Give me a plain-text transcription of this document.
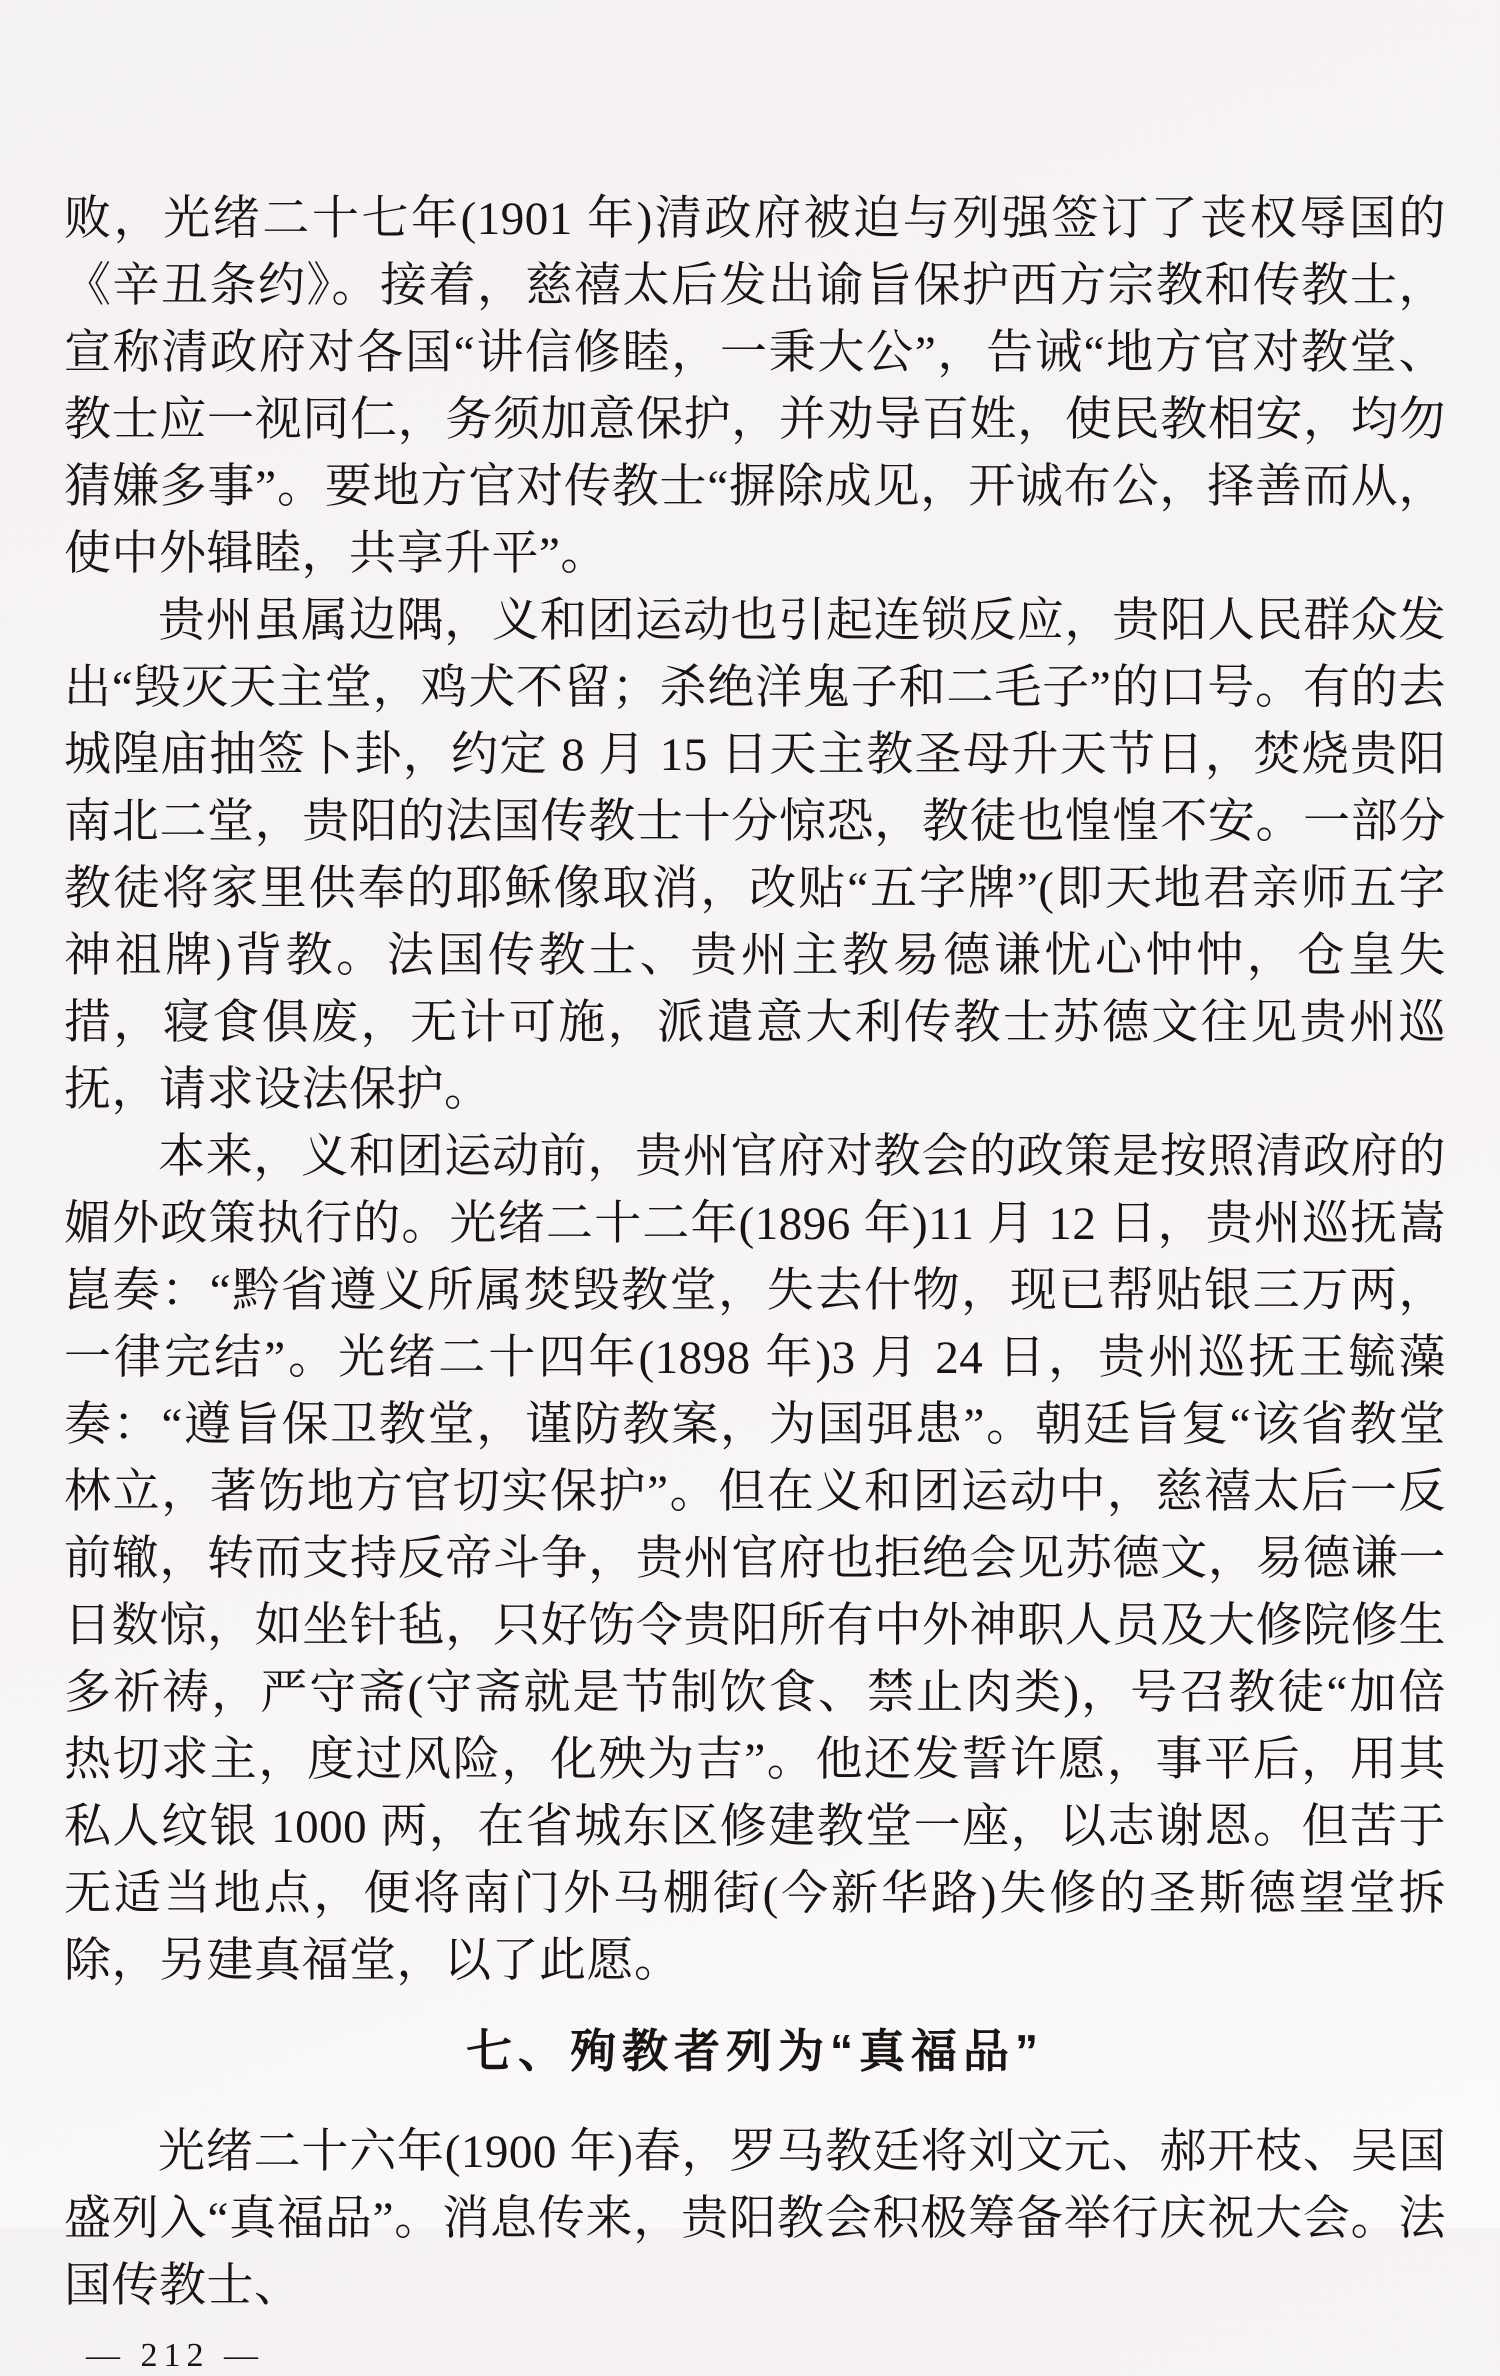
败，光绪二十七年(1901 年)清政府被迫与列强签订了丧权辱国的《辛丑条约》。接着，慈禧太后发出谕旨保护西方宗教和传教士，宣称清政府对各国“讲信修睦，一秉大公”，告诫“地方官对教堂、教士应一视同仁，务须加意保护，并劝导百姓，使民教相安，均勿猜嫌多事”。要地方官对传教士“摒除成见，开诚布公，择善而从，使中外辑睦，共享升平”。

贵州虽属边隅，义和团运动也引起连锁反应，贵阳人民群众发出“毁灭天主堂，鸡犬不留；杀绝洋鬼子和二毛子”的口号。有的去城隍庙抽签卜卦，约定 8 月 15 日天主教圣母升天节日，焚烧贵阳南北二堂，贵阳的法国传教士十分惊恐，教徒也惶惶不安。一部分教徒将家里供奉的耶稣像取消，改贴“五字牌”(即天地君亲师五字神祖牌)背教。法国传教士、贵州主教易德谦忧心忡忡，仓皇失措，寝食俱废，无计可施，派遣意大利传教士苏德文往见贵州巡抚，请求设法保护。

本来，义和团运动前，贵州官府对教会的政策是按照清政府的媚外政策执行的。光绪二十二年(1896 年)11 月 12 日，贵州巡抚嵩崑奏：“黔省遵义所属焚毁教堂，失去什物，现已帮贴银三万两，一律完结”。光绪二十四年(1898 年)3 月 24 日，贵州巡抚王毓藻奏：“遵旨保卫教堂，谨防教案，为国弭患”。朝廷旨复“该省教堂林立，著饬地方官切实保护”。但在义和团运动中，慈禧太后一反前辙，转而支持反帝斗争，贵州官府也拒绝会见苏德文，易德谦一日数惊，如坐针毡，只好饬令贵阳所有中外神职人员及大修院修生多祈祷，严守斋(守斋就是节制饮食、禁止肉类)，号召教徒“加倍热切求主，度过风险，化殃为吉”。他还发誓许愿，事平后，用其私人纹银 1000 两，在省城东区修建教堂一座，以志谢恩。但苦于无适当地点，便将南门外马棚街(今新华路)失修的圣斯德望堂拆除，另建真福堂，以了此愿。

七、殉教者列为“真福品”

光绪二十六年(1900 年)春，罗马教廷将刘文元、郝开枝、吴国盛列入“真福品”。消息传来，贵阳教会积极筹备举行庆祝大会。法国传教士、

— 212 —
